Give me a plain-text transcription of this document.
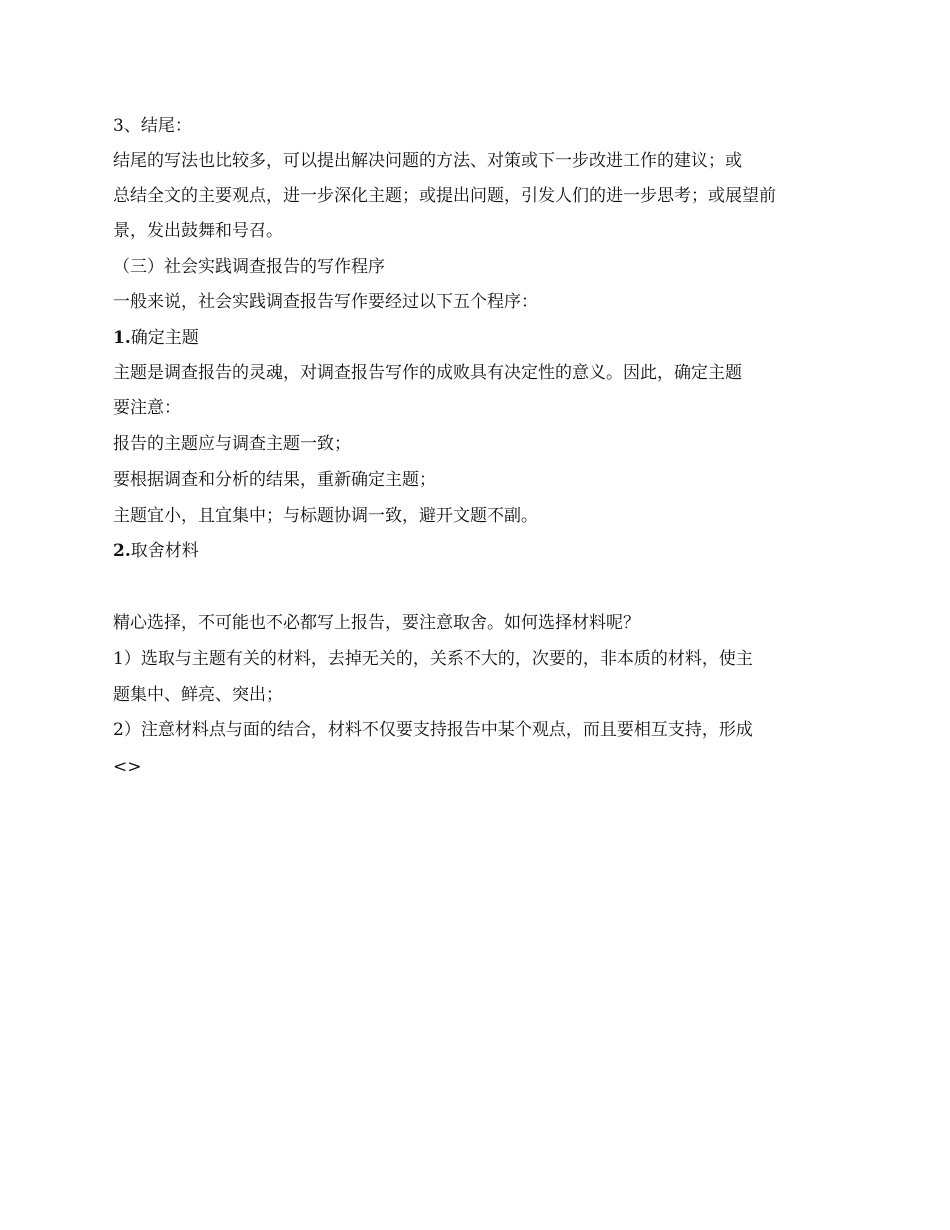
3、结尾：
结尾的写法也比较多，可以提出解决问题的方法、对策或下一步改进工作的建议；或
总结全文的主要观点，进一步深化主题；或提出问题，引发人们的进一步思考；或展望前
景，发出鼓舞和号召。
（三）社会实践调查报告的写作程序
一般来说，社会实践调查报告写作要经过以下五个程序：
1.确定主题
主题是调查报告的灵魂，对调查报告写作的成败具有决定性的意义。因此，确定主题
要注意：
报告的主题应与调查主题一致；
要根据调查和分析的结果，重新确定主题；
主题宜小，且宜集中；与标题协调一致，避开文题不副。
2.取舍材料
精心选择，不可能也不必都写上报告，要注意取舍。如何选择材料呢？
1）选取与主题有关的材料，去掉无关的，关系不大的，次要的，非本质的材料，使主
题集中、鲜亮、突出；
2）注意材料点与面的结合，材料不仅要支持报告中某个观点，而且要相互支持，形成
<>
